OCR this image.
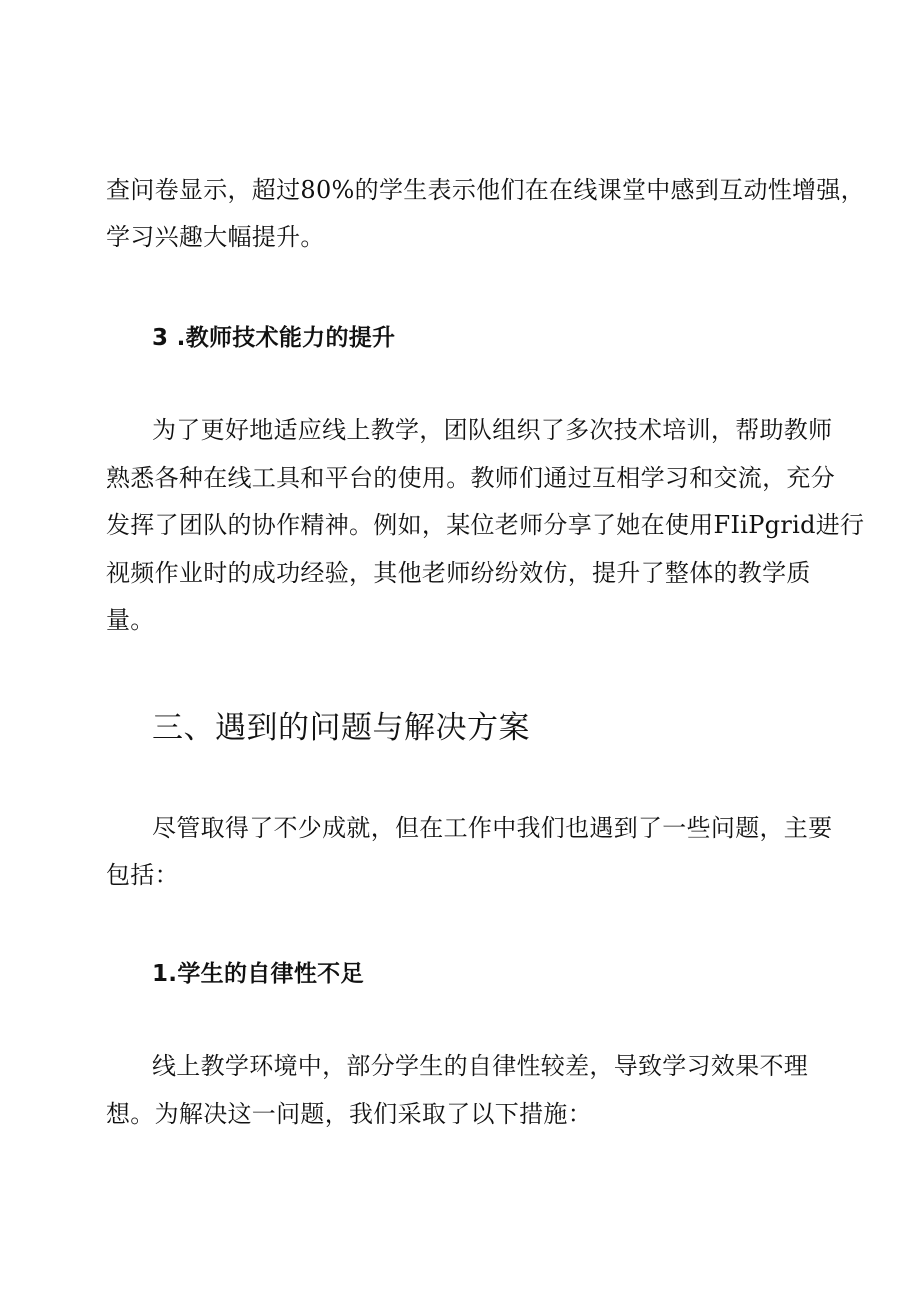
查问卷显示，超过80%的学生表示他们在在线课堂中感到互动性增强，
学习兴趣大幅提升。
3 .教师技术能力的提升
为了更好地适应线上教学，团队组织了多次技术培训，帮助教师
熟悉各种在线工具和平台的使用。教师们通过互相学习和交流，充分
发挥了团队的协作精神。例如，某位老师分享了她在使用FIiPgrid进行
视频作业时的成功经验，其他老师纷纷效仿，提升了整体的教学质
量。
三、遇到的问题与解决方案
尽管取得了不少成就，但在工作中我们也遇到了一些问题，主要
包括：
1.学生的自律性不足
线上教学环境中，部分学生的自律性较差，导致学习效果不理
想。为解决这一问题，我们采取了以下措施：
